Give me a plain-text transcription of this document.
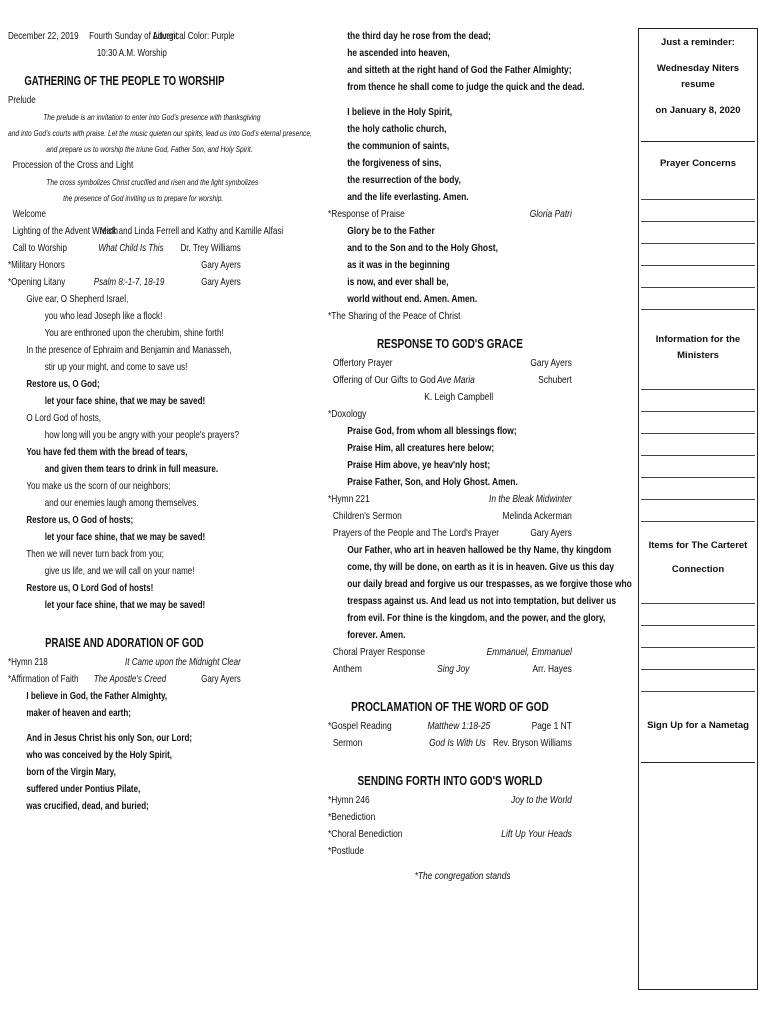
December 22, 2019 Fourth Sunday of Advent
Liturgical Color: Purple
10:30 A.M. Worship
GATHERING OF THE PEOPLE TO WORSHIP
Prelude
The prelude is an invitation to enter into God's presence with thanksgiving
and into God's courts with praise. Let the music quieten our spirits, lead us into God's eternal presence,
and prepare us to worship the triune God, Father Son, and Holy Spirit.
Procession of the Cross and Light
The cross symbolizes Christ crucified and risen and the light symbolizes
the presence of God inviting us to prepare for worship.
Welcome
Lighting of the Advent Wreath
Mick and Linda Ferrell and Kathy and Kamille Alfasi
Call to Worship	What Child Is This Dr. Trey Williams
*Military Honors	Gary Ayers
*Opening Litany	Psalm 8:-1-7, 18-19	Gary Ayers
Give ear, O Shepherd Israel,
you who lead Joseph like a flock!
You are enthroned upon the cherubim, shine forth!
In the presence of Ephraim and Benjamin and Manasseh,
stir up your might, and come to save us!
Restore us, O God;
let your face shine, that we may be saved!
O Lord God of hosts,
how long will you be angry with your people's prayers?
You have fed them with the bread of tears,
and given them tears to drink in full measure.
You make us the scorn of our neighbors;
and our enemies laugh among themselves.
Restore us, O God of hosts;
let your face shine, that we may be saved!
Then we will never turn back from you;
give us life, and we will call on your name!
Restore us, O Lord God of hosts!
let your face shine, that we may be saved!
PRAISE AND ADORATION OF GOD
*Hymn 218	It Came upon the Midnight Clear
*Affirmation of Faith The Apostle's Creed	Gary Ayers
I believe in God, the Father Almighty,
maker of heaven and earth;
And in Jesus Christ his only Son, our Lord;
who was conceived by the Holy Spirit,
born of the Virgin Mary,
suffered under Pontius Pilate,
was crucified, dead, and buried;
the third day he rose from the dead;
he ascended into heaven,
and sitteth at the right hand of God the Father Almighty;
from thence he shall come to judge the quick and the dead.
I believe in the Holy Spirit,
the holy catholic church,
the communion of saints,
the forgiveness of sins,
the resurrection of the body,
and the life everlasting. Amen.
*Response of Praise	Gloria Patri
Glory be to the Father
and to the Son and to the Holy Ghost,
as it was in the beginning
is now, and ever shall be,
world without end. Amen. Amen.
*The Sharing of the Peace of Christ
RESPONSE TO GOD'S GRACE
Offertory Prayer	Gary Ayers
Offering of Our Gifts to God Ave Maria	Schubert
K. Leigh Campbell
*Doxology
Praise God, from whom all blessings flow;
Praise Him, all creatures here below;
Praise Him above, ye heav'nly host;
Praise Father, Son, and Holy Ghost. Amen.
*Hymn 221	In the Bleak Midwinter
Children's Sermon	Melinda Ackerman
Prayers of the People and The Lord's Prayer	Gary Ayers
Our Father, who art in heaven hallowed be thy Name, thy kingdom
come, thy will be done, on earth as it is in heaven. Give us this day
our daily bread and forgive us our trespasses, as we forgive those who
trespass against us. And lead us not into temptation, but deliver us
from evil. For thine is the kingdom, and the power, and the glory,
forever. Amen.
Choral Prayer Response	Emmanuel, Emmanuel
Anthem	Sing Joy	Arr. Hayes
PROCLAMATION OF THE WORD OF GOD
*Gospel Reading	Matthew 1:18-25	Page 1 NT
Sermon	God Is With Us Rev. Bryson Williams
SENDING FORTH INTO GOD'S WORLD
*Hymn 246	Joy to the World
*Benediction
*Choral Benediction	Lift Up Your Heads
*Postlude
*The congregation stands
Just a reminder:
Wednesday Niters resume
on January 8, 2020
Prayer Concerns
Information for the Ministers
Items for The Carteret
Connection
Sign Up for a Nametag
